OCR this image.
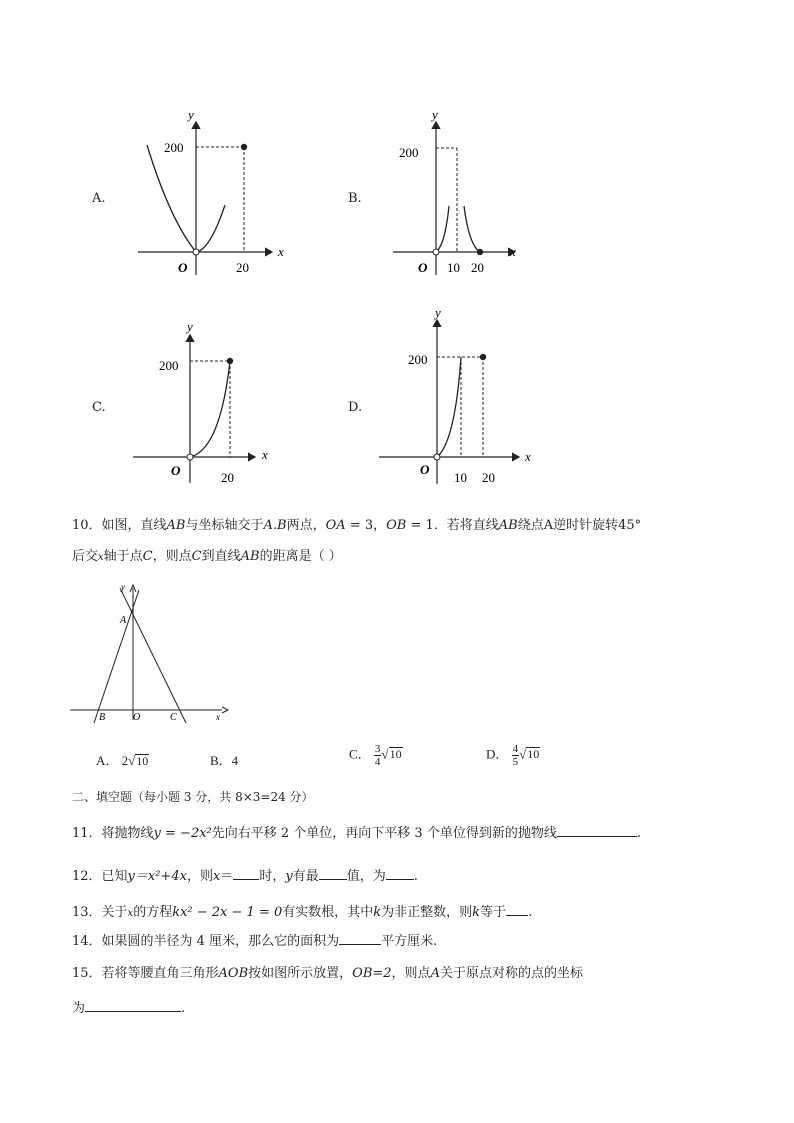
A.
y
x
O
200
20
B.
y
x
O
200
10 20
C.
y
x
O
200
20
D.
y
x
O
200
10 20
10．如图，直线AB与坐标轴交于A.B两点，OA = 3，OB = 1．若将直线AB绕点A逆时针旋转45°
后交x轴于点C，则点C到直线AB的距离是（ ）
y
x
A
B	O	C
A． 2√10	B．4	C． $\frac{3}{4} √10$	D． $\frac{4}{5} √10$
二、填空题（每小题 3 分，共 8×3=24 分）
11．将抛物线y = −2x²先向右平移 2 个单位，再向下平移 3 个单位得到新的抛物线	.
12．已知y＝x²+4x，则x＝ 时，y有最 值，为 .
13．关于x的方程kx² − 2x − 1 = 0有实数根，其中k为非正整数，则k等于 .
14．如果圆的半径为 4 厘米，那么它的面积为	平方厘米.
15．若将等腰直角三角形AOB按如图所示放置，OB=2，则点A关于原点对称的点的坐标
为	.
